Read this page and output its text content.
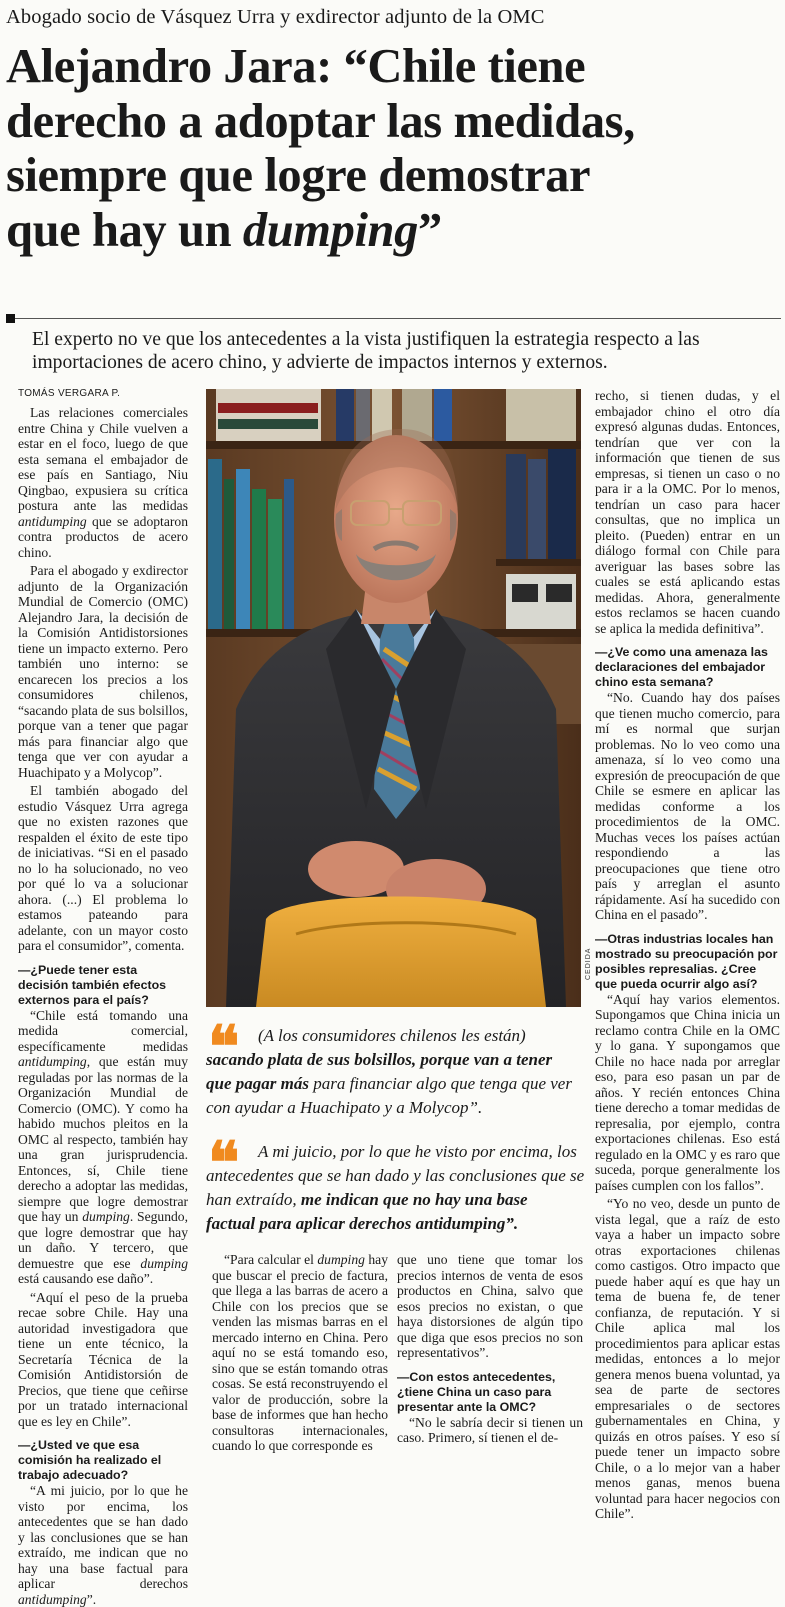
Abogado socio de Vásquez Urra y exdirector adjunto de la OMC
Alejandro Jara: “Chile tiene
derecho a adoptar las medidas,
siempre que logre demostrar
que hay un dumping”
El experto no ve que los antecedentes a la vista justifiquen la estrategia respecto a las
importaciones de acero chino, y advierte de impactos internos y externos.
TOMÁS VERGARA P.

Las relaciones comerciales entre China y Chile vuelven a estar en el foco, luego de que esta semana el embajador de ese país en Santiago, Niu Qingbao, expusiera su crítica postura ante las medidas antidumping que se adoptaron contra productos de acero chino.

Para el abogado y exdirector adjunto de la Organización Mundial de Comercio (OMC) Alejandro Jara, la decisión de la Comisión Antidistorsiones tiene un impacto externo. Pero también uno interno: se encarecen los precios a los consumidores chilenos, “sacando plata de sus bolsillos, porque van a tener que pagar más para financiar algo que tenga que ver con ayudar a Huachipato y a Molycop”.

El también abogado del estudio Vásquez Urra agrega que no existen razones que respalden el éxito de este tipo de iniciativas. “Si en el pasado no lo ha solucionado, no veo por qué lo va a solucionar ahora. (...) El problema lo estamos pateando para adelante, con un mayor costo para el consumidor”, comenta.

—¿Puede tener esta decisión también efectos externos para el país?

“Chile está tomando una medida comercial, específicamente medidas antidumping, que están muy reguladas por las normas de la Organización Mundial de Comercio (OMC). Y como ha habido muchos pleitos en la OMC al respecto, también hay una gran jurisprudencia. Entonces, sí, Chile tiene derecho a adoptar las medidas, siempre que logre demostrar que hay un dumping. Segundo, que logre demostrar que hay un daño. Y tercero, que demuestre que ese dumping está causando ese daño”.

“Aquí el peso de la prueba recae sobre Chile. Hay una autoridad investigadora que tiene un ente técnico, la Secretaría Técnica de la Comisión Antidistorsión de Precios, que tiene que ceñirse por un tratado internacional que es ley en Chile”.

—¿Usted ve que esa comisión ha realizado el trabajo adecuado?

“A mi juicio, por lo que he visto por encima, los antecedentes que se han dado y las conclusiones que se han extraído, me indican que no hay una base factual para aplicar derechos antidumping”.

CEDIDA
❛❛	(A los consumidores chilenos les están)
sacando plata de sus bolsillos, porque van a tener
que pagar más para financiar algo que tenga que ver
con ayudar a Huachipato y a Molycop”.
❛❛	A mi juicio, por lo que he visto por encima, los
antecedentes que se han dado y las conclusiones que se
han extraído, me indican que no hay una base
factual para aplicar derechos antidumping”.

“Para calcular el dumping hay que buscar el precio de factura, que llega a las barras de acero a Chile con los precios que se venden las mismas barras en el mercado interno en China. Pero aquí no se está tomando eso, sino que se están tomando otras cosas. Se está reconstruyendo el valor de producción, sobre la base de informes que han hecho consultoras internacionales, cuando lo que corresponde es

que uno tiene que tomar los precios internos de venta de esos productos en China, salvo que esos precios no existan, o que haya distorsiones de algún tipo que diga que esos precios no son representativos”.

—Con estos antecedentes, ¿tiene China un caso para presentar ante la OMC?

“No le sabría decir si tienen un caso. Primero, sí tienen el de-

recho, si tienen dudas, y el embajador chino el otro día expresó algunas dudas. Entonces, tendrían que ver con la información que tienen de sus empresas, si tienen un caso o no para ir a la OMC. Por lo menos, tendrían un caso para hacer consultas, que no implica un pleito. (Pueden) entrar en un diálogo formal con Chile para averiguar las bases sobre las cuales se está aplicando estas medidas. Ahora, generalmente estos reclamos se hacen cuando se aplica la medida definitiva”.

—¿Ve como una amenaza las declaraciones del embajador chino esta semana?

“No. Cuando hay dos países que tienen mucho comercio, para mí es normal que surjan problemas. No lo veo como una amenaza, sí lo veo como una expresión de preocupación de que Chile se esmere en aplicar las medidas conforme a los procedimientos de la OMC. Muchas veces los países actúan respondiendo a las preocupaciones que tiene otro país y arreglan el asunto rápidamente. Así ha sucedido con China en el pasado”.

—Otras industrias locales han mostrado su preocupación por posibles represalias. ¿Cree que pueda ocurrir algo así?

“Aquí hay varios elementos. Supongamos que China inicia un reclamo contra Chile en la OMC y lo gana. Y supongamos que Chile no hace nada por arreglar eso, para eso pasan un par de años. Y recién entonces China tiene derecho a tomar medidas de represalia, por ejemplo, contra exportaciones chilenas. Eso está regulado en la OMC y es raro que suceda, porque generalmente los países cumplen con los fallos”.

“Yo no veo, desde un punto de vista legal, que a raíz de esto vaya a haber un impacto sobre otras exportaciones chilenas como castigos. Otro impacto que puede haber aquí es que hay un tema de buena fe, de tener confianza, de reputación. Y si Chile aplica mal los procedimientos para aplicar estas medidas, entonces a lo mejor genera menos buena voluntad, ya sea de parte de sectores empresariales o de sectores gubernamentales en China, y quizás en otros países. Y eso sí puede tener un impacto sobre Chile, o a lo mejor van a haber menos ganas, menos buena voluntad para hacer negocios con Chile”.
